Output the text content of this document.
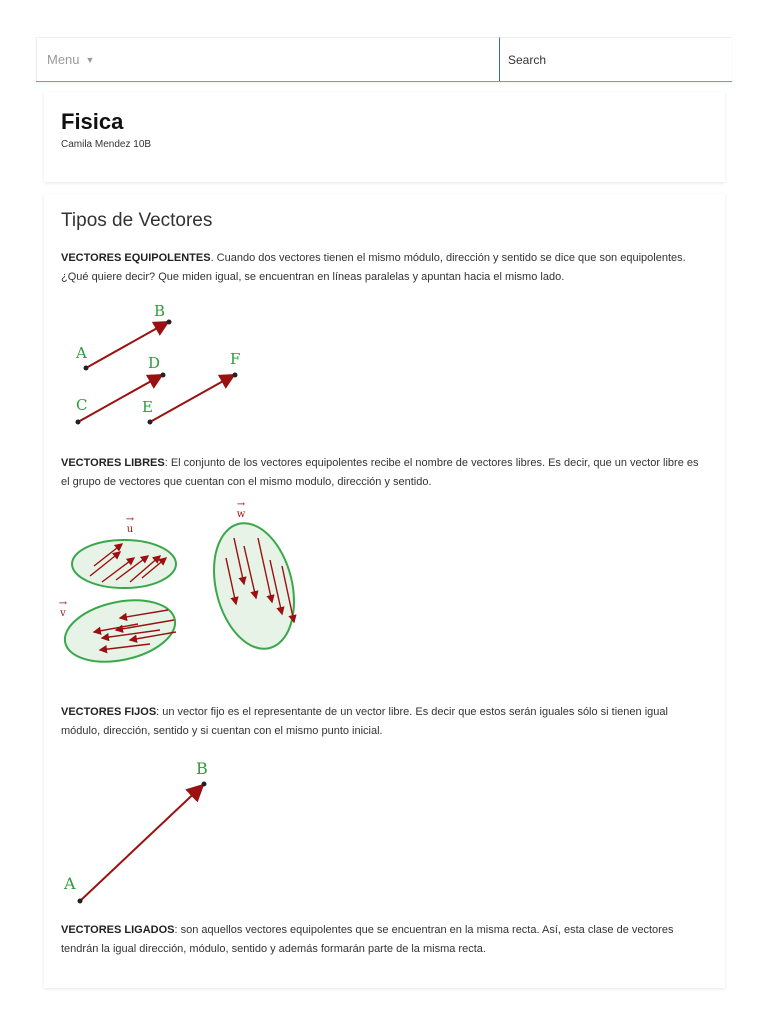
Menu ▼	Search
Fisica
Camila Mendez 10B
Tipos de Vectores
VECTORES EQUIPOLENTES. Cuando dos vectores tienen el mismo módulo, dirección y sentido se dice que son equipolentes. ¿Qué quiere decir? Que miden igual, se encuentran en líneas paralelas y apuntan hacia el mismo lado.
A
B
C
D
E
F
VECTORES LIBRES: El conjunto de los vectores equipolentes recibe el nombre de vectores libres. Es decir, que un vector libre es el grupo de vectores que cuentan con el mismo modulo, dirección y sentido.
→
u
→
w
→
v
VECTORES FIJOS: un vector fijo es el representante de un vector libre. Es decir que estos serán iguales sólo si tienen igual módulo, dirección, sentido y si cuentan con el mismo punto inicial.
A
B
VECTORES LIGADOS: son aquellos vectores equipolentes que se encuentran en la misma recta. Así, esta clase de vectores tendrán la igual dirección, módulo, sentido y además formarán parte de la misma recta.
